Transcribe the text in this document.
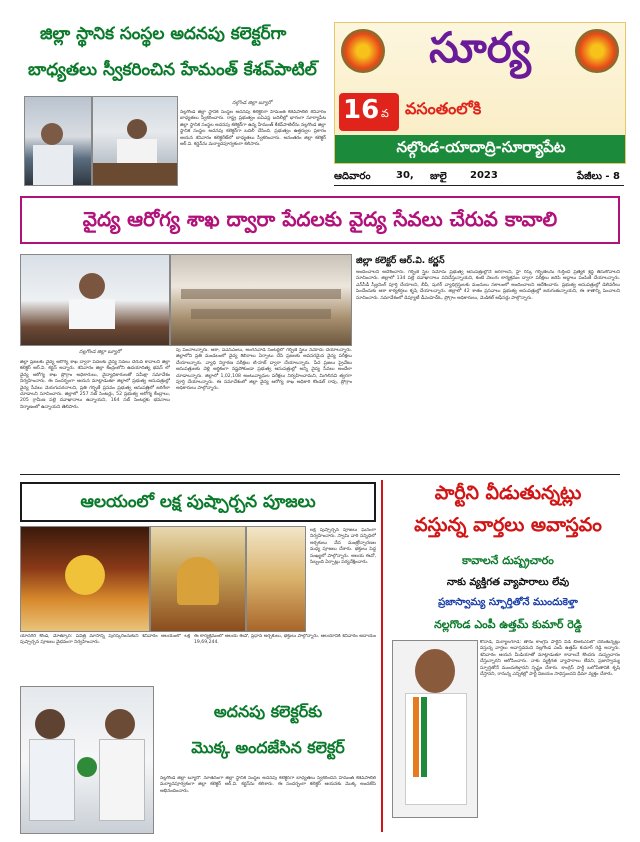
జిల్లా స్థానిక సంస్థల అదనపు కలెక్టర్‌గా
బాధ్యతలు స్వీకరించిన హేమంత్ కేశవ్‌పాటిల్
నల్గొండ జిల్లా బ్యూరో
నల్లగొండ జిల్లా స్థానిక సంస్థల అదనపు కలెక్టర్‌గా హేమంత్ కేశవ్‌పాటిల్ శనివారం బాధ్యతలు స్వీకరించారు. రాష్ట్ర ప్రభుత్వం ఐఏఎస్ల బదిలీల్లో భాగంగా సూర్యాపేట జిల్లా స్థానిక సంస్థల అదనపు కలెక్టర్‌గా ఉన్న హేమంత్ కేశవ్‌పాటిల్‌ను నల్లగొండ జిల్లా స్థానిక సంస్థల అదనపు కలెక్టర్‌గా బదిలీ చేసింది. ప్రభుత్వం ఉత్తర్వుల ప్రకారం ఆయన శనివారం కలెక్టరేట్‌లో బాధ్యతలు స్వీకరించారు. అనంతరం జిల్లా కలెక్టర్ ఆర్.వి. కర్ణన్‌ను మర్యాదపూర్వకంగా కలిసారు.
సూర్య
16 వ వసంతంలోకి
నల్గొండ-యాదాద్రి-సూర్యాపేట
ఆదివారం	30, జులై 2023	పేజీలు - 8
వైద్య ఆరోగ్య శాఖ ద్వారా పేదలకు వైద్య సేవలు చేరువ కావాలి
నల్లగొండ జిల్లా బ్యూరో
జిల్లా కలెక్టర్ ఆర్.వి. కర్ణన్
జిల్లా ప్రజలకు వైద్య ఆరోగ్య శాఖ ద్వారా పేదలకు వైద్య సేవలు చేరువ కావాలని జిల్లా కలెక్టర్ ఆర్.వి. కర్ణన్ అన్నారు. శనివారం జిల్లా కేంద్రంలోని ఉదయాదిత్య భవన్ లో వైద్య ఆరోగ్య శాఖ ప్రోగ్రాం అధికారులు, వైద్యాధికారులతో సమీక్షా సమావేశం నిర్వహించారు. ఈ సందర్భంగా ఆయన మాట్లాడుతూ జిల్లాలో ప్రభుత్వ ఆసుపత్రుల్లో వైద్య సేవలు మెరుగుపరచాలని, ప్రతి గర్భిణీ ప్రసవం ప్రభుత్వ ఆసుపత్రిలో జరిగేలా చూడాలని సూచించారు. జిల్లాలో 257 సబ్ సెంటర్లు, 52 ప్రభుత్వ ఆరోగ్య కేంద్రాలు, 205 గ్రామీణ పల్లె దవాఖానాలు ఉన్నాయని, 164 సబ్ సెంటర్లకు భవనాలు నిర్మాణంలో ఉన్నాయని తెలిపారు.
పు పెంచాలన్నారు. ఆశా, ఏఎన్ఎంలు, అంగన్‌వాడీ సెంటర్లలో గర్భిణీ స్త్రీలు నమోదు చేయాలన్నారు. జిల్లాలోని ప్రతి మండలంలో వైద్య శిబిరాలు ఏర్పాటు చేసి ప్రజలకు అవసరమైన వైద్య పరీక్షలు చేయాలన్నారు. వ్యాధి నిర్ధారణ పరీక్షలు టి-హబ్ ద్వారా చేయాలన్నారు. పేద ప్రజలు ప్రైవేటు ఆసుపత్రులకు వెళ్లి ఆర్థికంగా నష్టపోకుండా ప్రభుత్వ ఆసుపత్రుల్లో అన్ని వైద్య సేవలు అందేలా చూడాలన్నారు. జిల్లాలో 1,02,108 అంటువ్యాధుల పరీక్షలు నిర్వహించామని, మిగిలినవి త్వరగా పూర్తి చేయాలన్నారు. ఈ సమావేశంలో జిల్లా వైద్య ఆరోగ్య శాఖ అధికారి కొండల్ రావు, ప్రోగ్రాం అధికారులు పాల్గొన్నారు.
అందించాలని ఆదేశించారు. గర్భిణీ స్త్రీల నమోదు ప్రభుత్వ ఆసుపత్రుల్లోనే జరగాలని, హై రిస్క్ గర్భిణీలను గుర్తించి ప్రత్యేక శ్రద్ధ తీసుకోవాలని సూచించారు. జిల్లాలో 134 పల్లె దవాఖానాలు పనిచేస్తున్నాయని, కంటి వెలుగు కార్యక్రమం ద్వారా పరీక్షలు జరిపి అద్దాలు పంపిణీ చేయాలన్నారు. ఎన్‌సీడీ స్క్రీనింగ్ పూర్తి చేయాలని, బీపీ, షుగర్ వ్యాధిగ్రస్తులకు మందులు సకాలంలో అందించాలని ఆదేశించారు. ప్రభుత్వ ఆసుపత్రుల్లో డెలివరీలు పెంచేందుకు ఆశా కార్యకర్తలు కృషి చేయాలన్నారు. జిల్లాలో 42 శాతం ప్రసవాలు ప్రభుత్వ ఆసుపత్రుల్లో జరుగుతున్నాయని, ఈ శాతాన్ని పెంచాలని సూచించారు. సమావేశంలో డిప్యూటీ డీఎంహెచ్‌ఓ, ప్రోగ్రాం అధికారులు, మెడికల్ ఆఫీసర్లు పాల్గొన్నారు.
ఆలయంలో లక్ష పుష్పార్చన పూజలు
లక్ష పుష్పార్చన పూజలు ఘనంగా నిర్వహించారు. స్వామి వారి సన్నిధిలో అర్చకులు వేద మంత్రోచ్ఛారణల మధ్య పూజలు చేశారు. భక్తులు పెద్ద సంఖ్యలో పాల్గొన్నారు. ఆలయ ఈవో, సిబ్బంది ఏర్పాట్లు పర్యవేక్షించారు.
యాదగిరి కొండ, మోత్కూర్: పవిత్ర మాసాన్ని పురస్కరించుకుని శనివారం ఆలయంలో లక్ష పుష్పార్చన పూజలు వైభవంగా నిర్వహించారు.
ఈ కార్యక్రమంలో ఆలయ ఈవో, ప్రధాన అర్చకులు, భక్తులు పాల్గొన్నారు. ఆలయానికి శనివారం ఆదాయం 19,69,244.
పార్టీని వీడుతున్నట్లు
వస్తున్న వార్తలు అవాస్తవం
కావాలనే దుష్ప్రచారం
నాకు వ్యక్తిగత వ్యాపారాలు లేవు
ప్రజాస్వామ్య స్ఫూర్తితోనే ముందుకెళ్తా
నల్లగొండ ఎంపీ ఉత్తమ్ కుమార్ రెడ్డి
కోదాడ, మిర్యాలగూడ: తాను కాంగ్రెస్ పార్టీని వీడి బీఆర్ఎస్‌లో చేరుతున్నట్లు వస్తున్న వార్తలు అవాస్తవమని నల్లగొండ ఎంపీ ఉత్తమ్ కుమార్ రెడ్డి అన్నారు. శనివారం ఆయన మీడియాతో మాట్లాడుతూ కావాలనే కొందరు దుష్ప్రచారం చేస్తున్నారని ఆరోపించారు. నాకు వ్యక్తిగత వ్యాపారాలు లేవని, ప్రజాస్వామ్య స్ఫూర్తితోనే ముందుకెళ్తానని స్పష్టం చేశారు. కాంగ్రెస్ పార్టీ బలోపేతానికి కృషి చేస్తానని, రానున్న ఎన్నికల్లో పార్టీ విజయం సాధిస్తుందని ధీమా వ్యక్తం చేశారు.
అదనపు కలెక్టర్‌కు
మొక్క అందజేసిన కలెక్టర్
నల్లగొండ జిల్లా బ్యూరో: నూతనంగా జిల్లా స్థానిక సంస్థల అదనపు కలెక్టర్‌గా బాధ్యతలు స్వీకరించిన హేమంత్ కేశవ్‌పాటిల్ మర్యాదపూర్వకంగా జిల్లా కలెక్టర్ ఆర్.వి. కర్ణన్‌ను కలిశారు. ఈ సందర్భంగా కలెక్టర్ ఆయనకు మొక్క అందజేసి అభినందించారు.
